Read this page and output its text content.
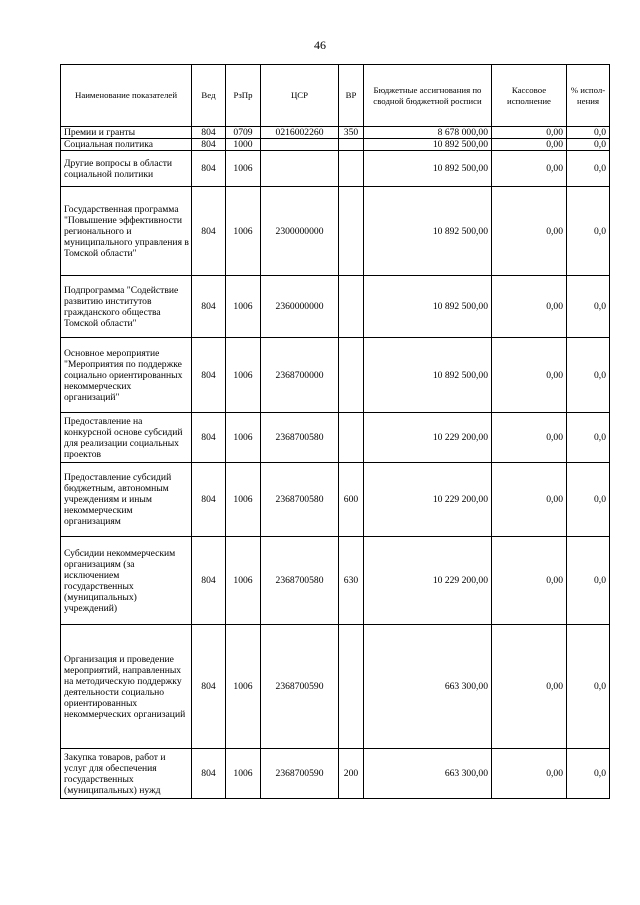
46
Наименование показателей	Вед	РзПр	ЦСР	ВР	Бюджетные ассигнования по сводной бюджетной росписи	Кассовое исполнение	% испол- нения
Премии и гранты	804	0709	0216002260	350	8 678 000,00	0,00	0,0
Социальная политика	804	1000			10 892 500,00	0,00	0,0
Другие вопросы в области социальной политики	804	1006			10 892 500,00	0,00	0,0
Государственная программа "Повышение эффективности регионального и муниципального управления в Томской области"	804	1006	2300000000		10 892 500,00	0,00	0,0
Подпрограмма "Содействие развитию институтов гражданского общества Томской области"	804	1006	2360000000		10 892 500,00	0,00	0,0
Основное мероприятие "Мероприятия по поддержке социально ориентированных некоммерческих организаций"	804	1006	2368700000		10 892 500,00	0,00	0,0
Предоставление на конкурсной основе субсидий для реализации социальных проектов	804	1006	2368700580		10 229 200,00	0,00	0,0
Предоставление субсидий бюджетным, автономным учреждениям и иным некоммерческим организациям	804	1006	2368700580	600	10 229 200,00	0,00	0,0
Субсидии некоммерческим организациям (за исключением государственных (муниципальных) учреждений)	804	1006	2368700580	630	10 229 200,00	0,00	0,0
Организация и проведение мероприятий, направленных на методическую поддержку деятельности социально ориентированных некоммерческих организаций	804	1006	2368700590		663 300,00	0,00	0,0
Закупка товаров, работ и услуг для обеспечения государственных (муниципальных) нужд	804	1006	2368700590	200	663 300,00	0,00	0,0
